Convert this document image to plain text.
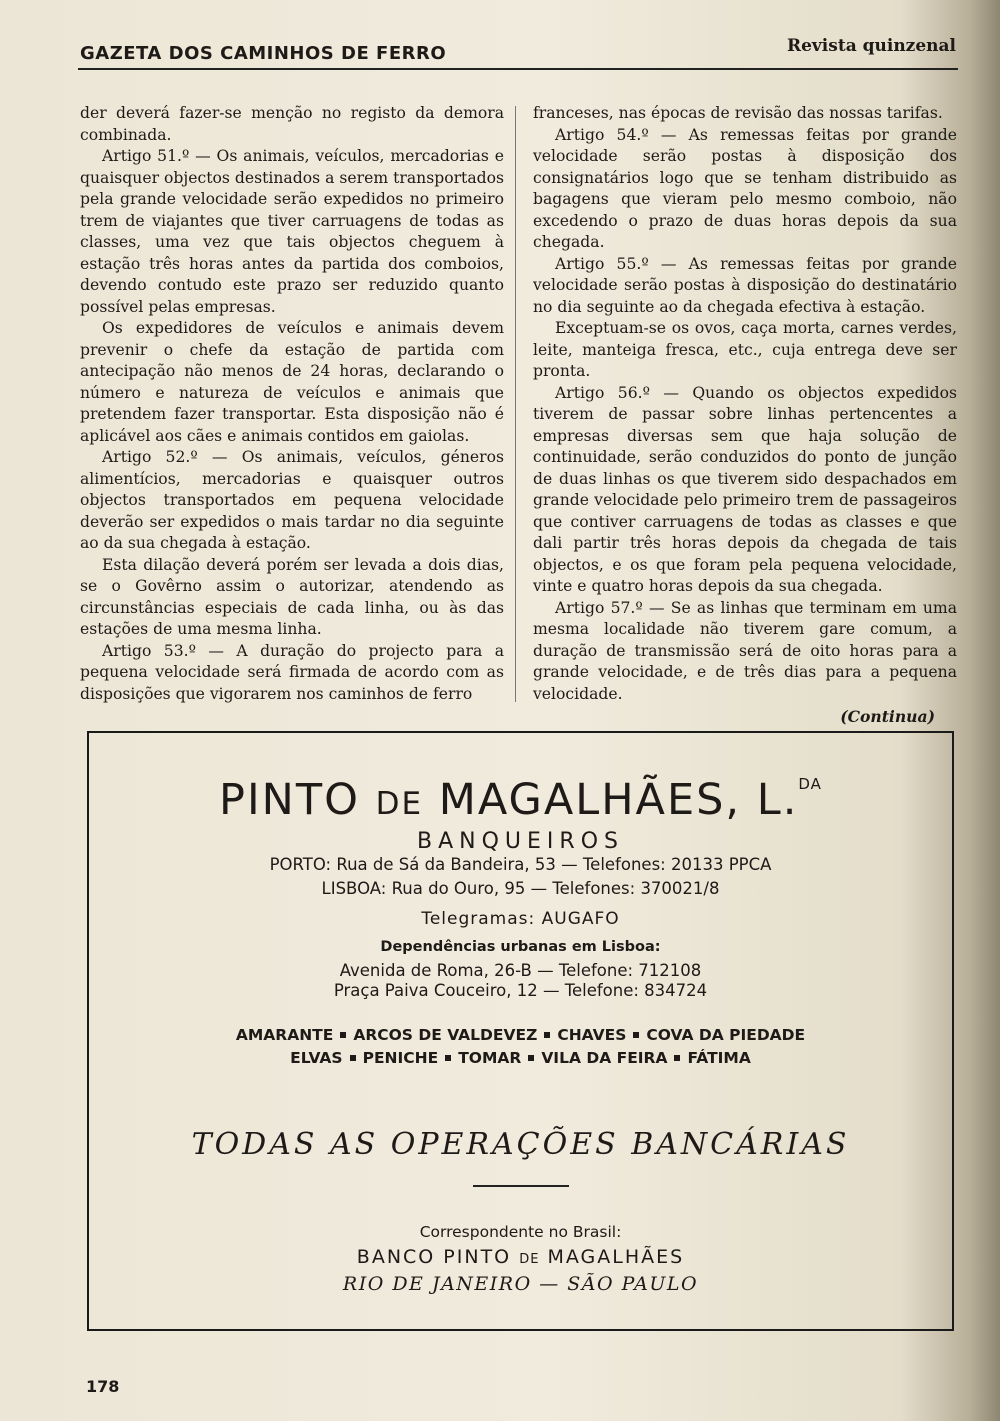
GAZETA DOS CAMINHOS DE FERRO	Revista quinzenal

der deverá fazer-se menção no registo da demora combinada.

Artigo 51.º — Os animais, veículos, mercadorias e quaisquer objectos destinados a serem transportados pela grande velocidade serão expedidos no primeiro trem de viajantes que tiver carruagens de todas as classes, uma vez que tais objectos cheguem à estação três horas antes da partida dos comboios, devendo contudo este prazo ser reduzido quanto possível pelas empresas.

Os expedidores de veículos e animais devem prevenir o chefe da estação de partida com antecipação não menos de 24 horas, declarando o número e natureza de veículos e animais que pretendem fazer transportar. Esta disposição não é aplicável aos cães e animais contidos em gaiolas.

Artigo 52.º — Os animais, veículos, géneros alimentícios, mercadorias e quaisquer outros objectos transportados em pequena velocidade deverão ser expedidos o mais tardar no dia seguinte ao da sua chegada à estação.

Esta dilação deverá porém ser levada a dois dias, se o Govêrno assim o autorizar, atendendo as circunstâncias especiais de cada linha, ou às das estações de uma mesma linha.

Artigo 53.º — A duração do projecto para a pequena velocidade será firmada de acordo com as disposições que vigorarem nos caminhos de ferro

franceses, nas épocas de revisão das nossas tarifas.

Artigo 54.º — As remessas feitas por grande velocidade serão postas à disposição dos consignatários logo que se tenham distribuido as bagagens que vieram pelo mesmo comboio, não excedendo o prazo de duas horas depois da sua chegada.

Artigo 55.º — As remessas feitas por grande velocidade serão postas à disposição do destinatário no dia seguinte ao da chegada efectiva à estação.

Exceptuam-se os ovos, caça morta, carnes verdes, leite, manteiga fresca, etc., cuja entrega deve ser pronta.

Artigo 56.º — Quando os objectos expedidos tiverem de passar sobre linhas pertencentes a empresas diversas sem que haja solução de continuidade, serão conduzidos do ponto de junção de duas linhas os que tiverem sido despachados em grande velocidade pelo primeiro trem de passageiros que contiver carruagens de todas as classes e que dali partir três horas depois da chegada de tais objectos, e os que foram pela pequena velocidade, vinte e quatro horas depois da sua chegada.

Artigo 57.º — Se as linhas que terminam em uma mesma localidade não tiverem gare comum, a duração de transmissão será de oito horas para a grande velocidade, e de três dias para a pequena velocidade.

(Continua)
PINTO DE MAGALHÃES, L.$^{DA}$
BANQUEIROS
PORTO: Rua de Sá da Bandeira, 53 — Telefones: 20133 PPCA
LISBOA: Rua do Ouro, 95 — Telefones: 370021/8
Telegramas: AUGAFO
Dependências urbanas em Lisboa:
Avenida de Roma, 26-B — Telefone: 712108
Praça Paiva Couceiro, 12 — Telefone: 834724
AMARANTE ARCOS DE VALDEVEZ CHAVES COVA DA PIEDADE
ELVAS PENICHE TOMAR VILA DA FEIRA FÁTIMA
TODAS AS OPERAÇÕES BANCÁRIAS
Correspondente no Brasil:
BANCO PINTO DE MAGALHÃES
RIO DE JANEIRO — SÃO PAULO
178
